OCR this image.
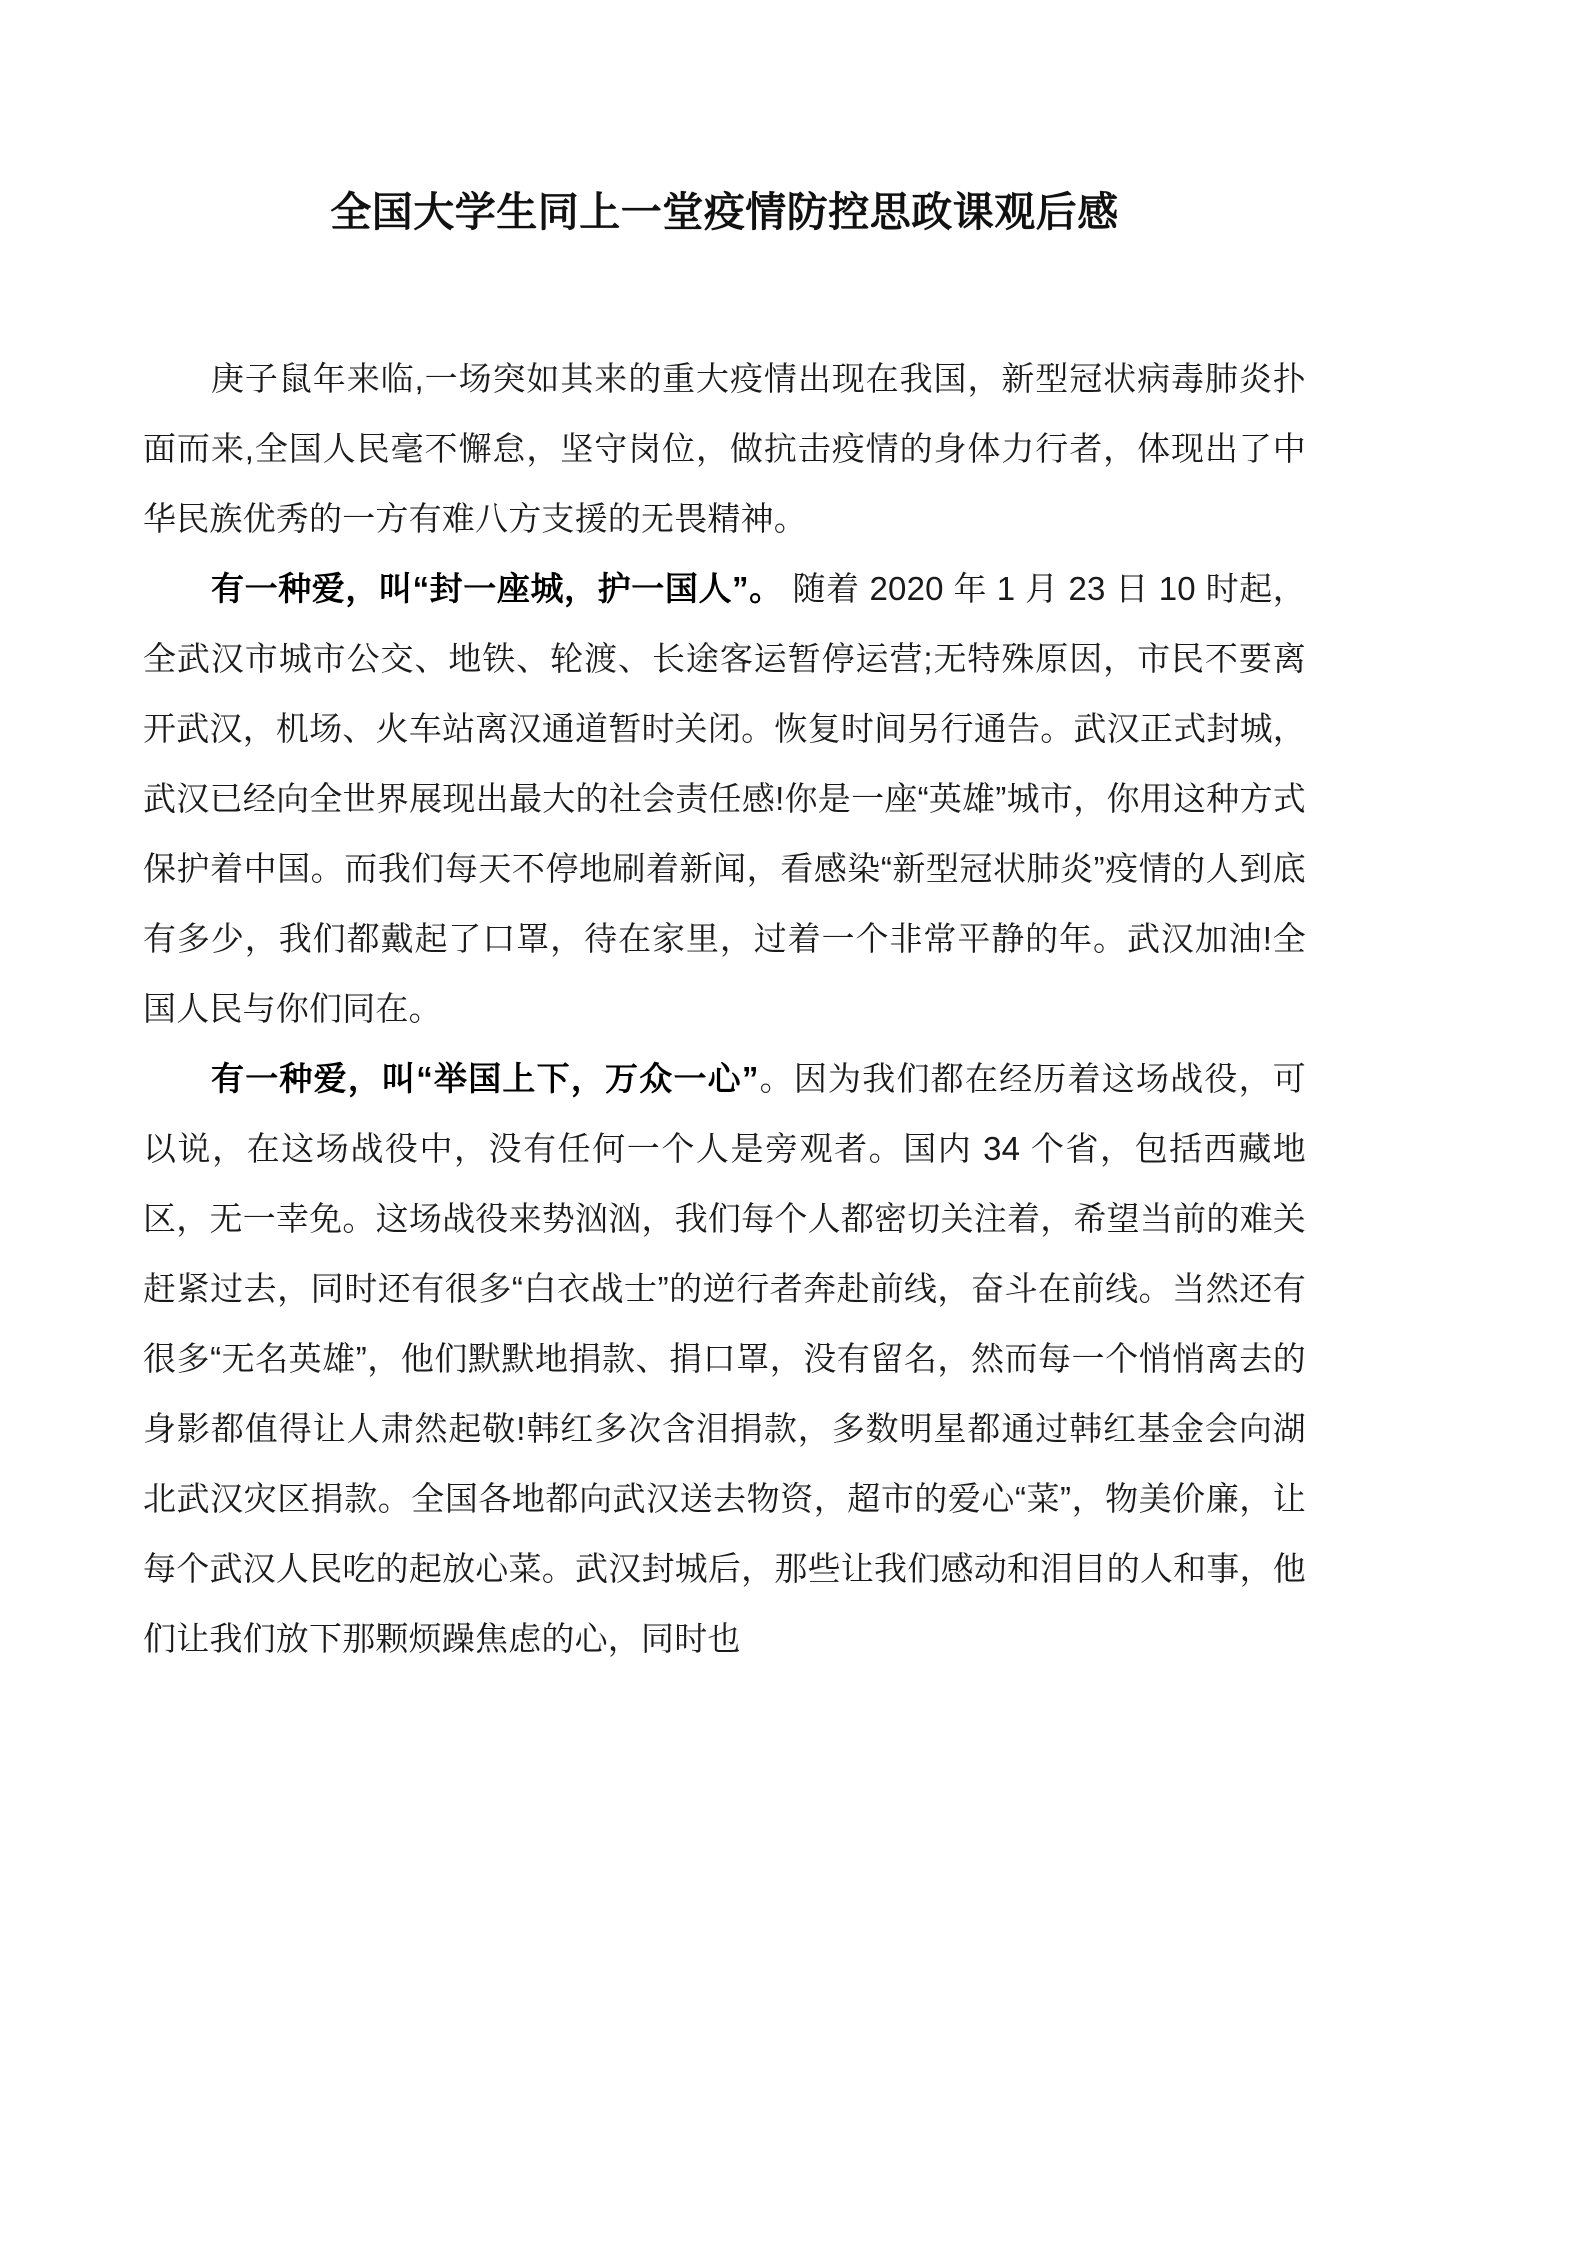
全国大学生同上一堂疫情防控思政课观后感

庚子鼠年来临,一场突如其来的重大疫情出现在我国，新型冠状病毒肺炎扑面而来,全国人民毫不懈怠，坚守岗位，做抗击疫情的身体力行者，体现出了中华民族优秀的一方有难八方支援的无畏精神。

有一种爱，叫“封一座城，护一国人”。 随着 2020 年 1 月 23 日 10 时起，全武汉市城市公交、地铁、轮渡、长途客运暂停运营;无特殊原因，市民不要离开武汉，机场、火车站离汉通道暂时关闭。恢复时间另行通告。武汉正式封城，武汉已经向全世界展现出最大的社会责任感!你是一座“英雄”城市，你用这种方式保护着中国。而我们每天不停地刷着新闻，看感染“新型冠状肺炎”疫情的人到底有多少，我们都戴起了口罩，待在家里，过着一个非常平静的年。武汉加油!全国人民与你们同在。

有一种爱，叫“举国上下，万众一心”。因为我们都在经历着这场战役，可以说，在这场战役中，没有任何一个人是旁观者。国内 34 个省，包括西藏地区，无一幸免。这场战役来势汹汹，我们每个人都密切关注着，希望当前的难关赶紧过去，同时还有很多“白衣战士”的逆行者奔赴前线，奋斗在前线。当然还有很多“无名英雄”，他们默默地捐款、捐口罩，没有留名，然而每一个悄悄离去的身影都值得让人肃然起敬!韩红多次含泪捐款，多数明星都通过韩红基金会向湖北武汉灾区捐款。全国各地都向武汉送去物资，超市的爱心“菜”，物美价廉，让每个武汉人民吃的起放心菜。武汉封城后，那些让我们感动和泪目的人和事，他们让我们放下那颗烦躁焦虑的心，同时也
